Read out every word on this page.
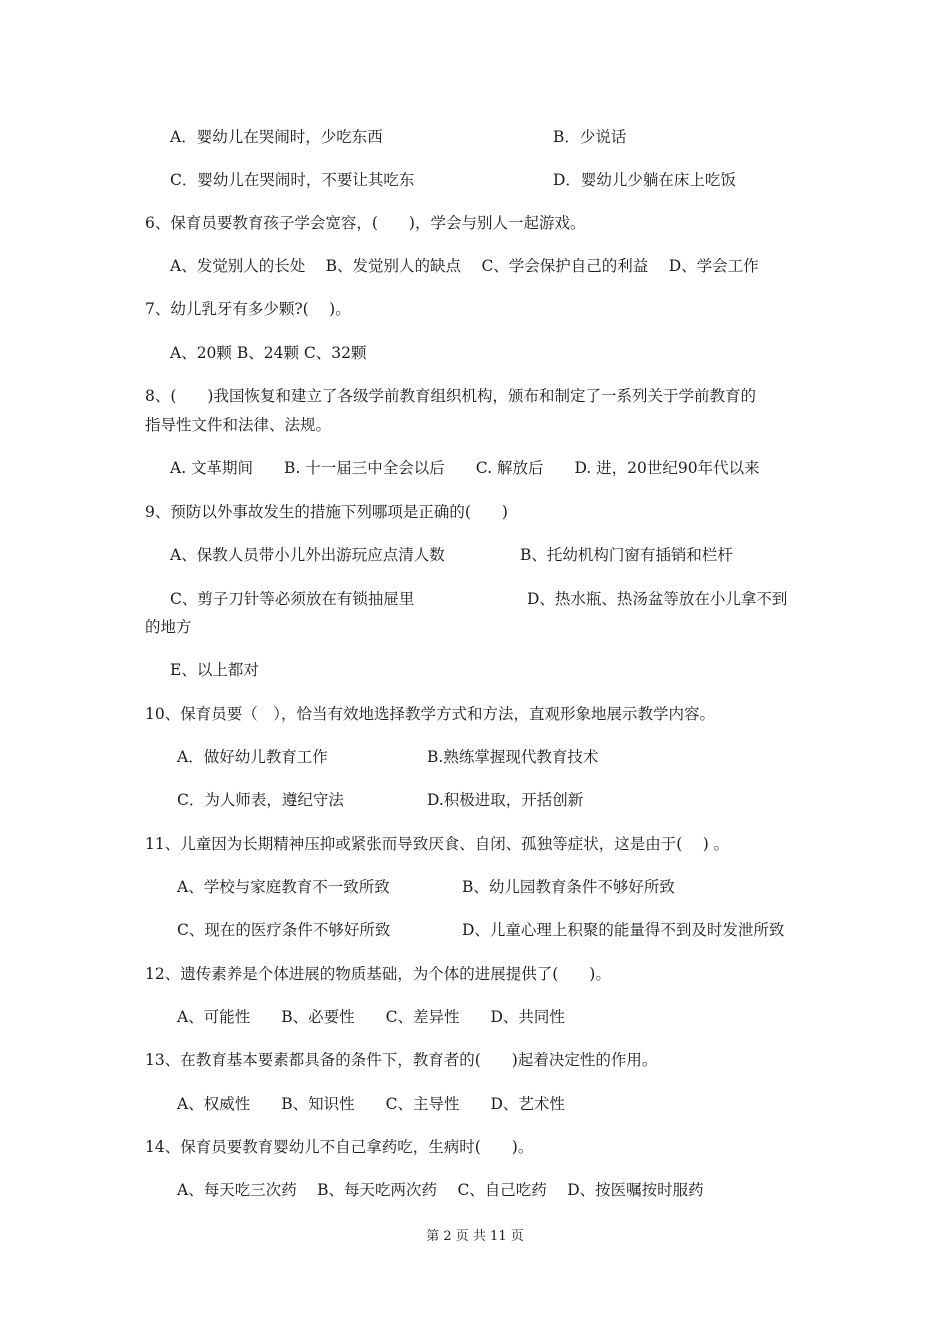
A．婴幼儿在哭闹时，少吃东西	B．少说话
C．婴幼儿在哭闹时，不要让其吃东	D．婴幼儿少躺在床上吃饭
6、保育员要教育孩子学会宽容，(　　)，学会与别人一起游戏。
A、发觉别人的长处　 B、发觉别人的缺点　 C、学会保护自己的利益　 D、学会工作
7、幼儿乳牙有多少颗?(　 )。
A、20颗 B、24颗 C、32颗
8、(　　)我国恢复和建立了各级学前教育组织机构，颁布和制定了一系列关于学前教育的
指导性文件和法律、法规。
A. 文革期间　　B. 十一届三中全会以后　　C. 解放后　　D. 进，20世纪90年代以来
9、预防以外事故发生的措施下列哪项是正确的(　　)
A、保教人员带小儿外出游玩应点清人数	B、托幼机构门窗有插销和栏杆
C、剪子刀针等必须放在有锁抽屉里	D、热水瓶、热汤盆等放在小儿拿不到
的地方
E、以上都对
10、保育员要（　），恰当有效地选择教学方式和方法，直观形象地展示教学内容。
A．做好幼儿教育工作	B.熟练掌握现代教育技术
C．为人师表，遵纪守法	D.积极进取，开括创新
11、儿童因为长期精神压抑或紧张而导致厌食、自闭、孤独等症状，这是由于(　 ) 。
A、学校与家庭教育不一致所致	B、幼儿园教育条件不够好所致
C、现在的医疗条件不够好所致	D、儿童心理上积聚的能量得不到及时发泄所致
12、遗传素养是个体进展的物质基础，为个体的进展提供了(　　)。
A、可能性　　B、必要性　　C、差异性　　D、共同性
13、在教育基本要素都具备的条件下，教育者的(　　)起着决定性的作用。
A、权威性　　B、知识性　　C、主导性　　D、艺术性
14、保育员要教育婴幼儿不自己拿药吃，生病时(　　)。
A、每天吃三次药　 B、每天吃两次药　 C、自己吃药　 D、按医嘱按时服药
第 2 页 共 11 页
